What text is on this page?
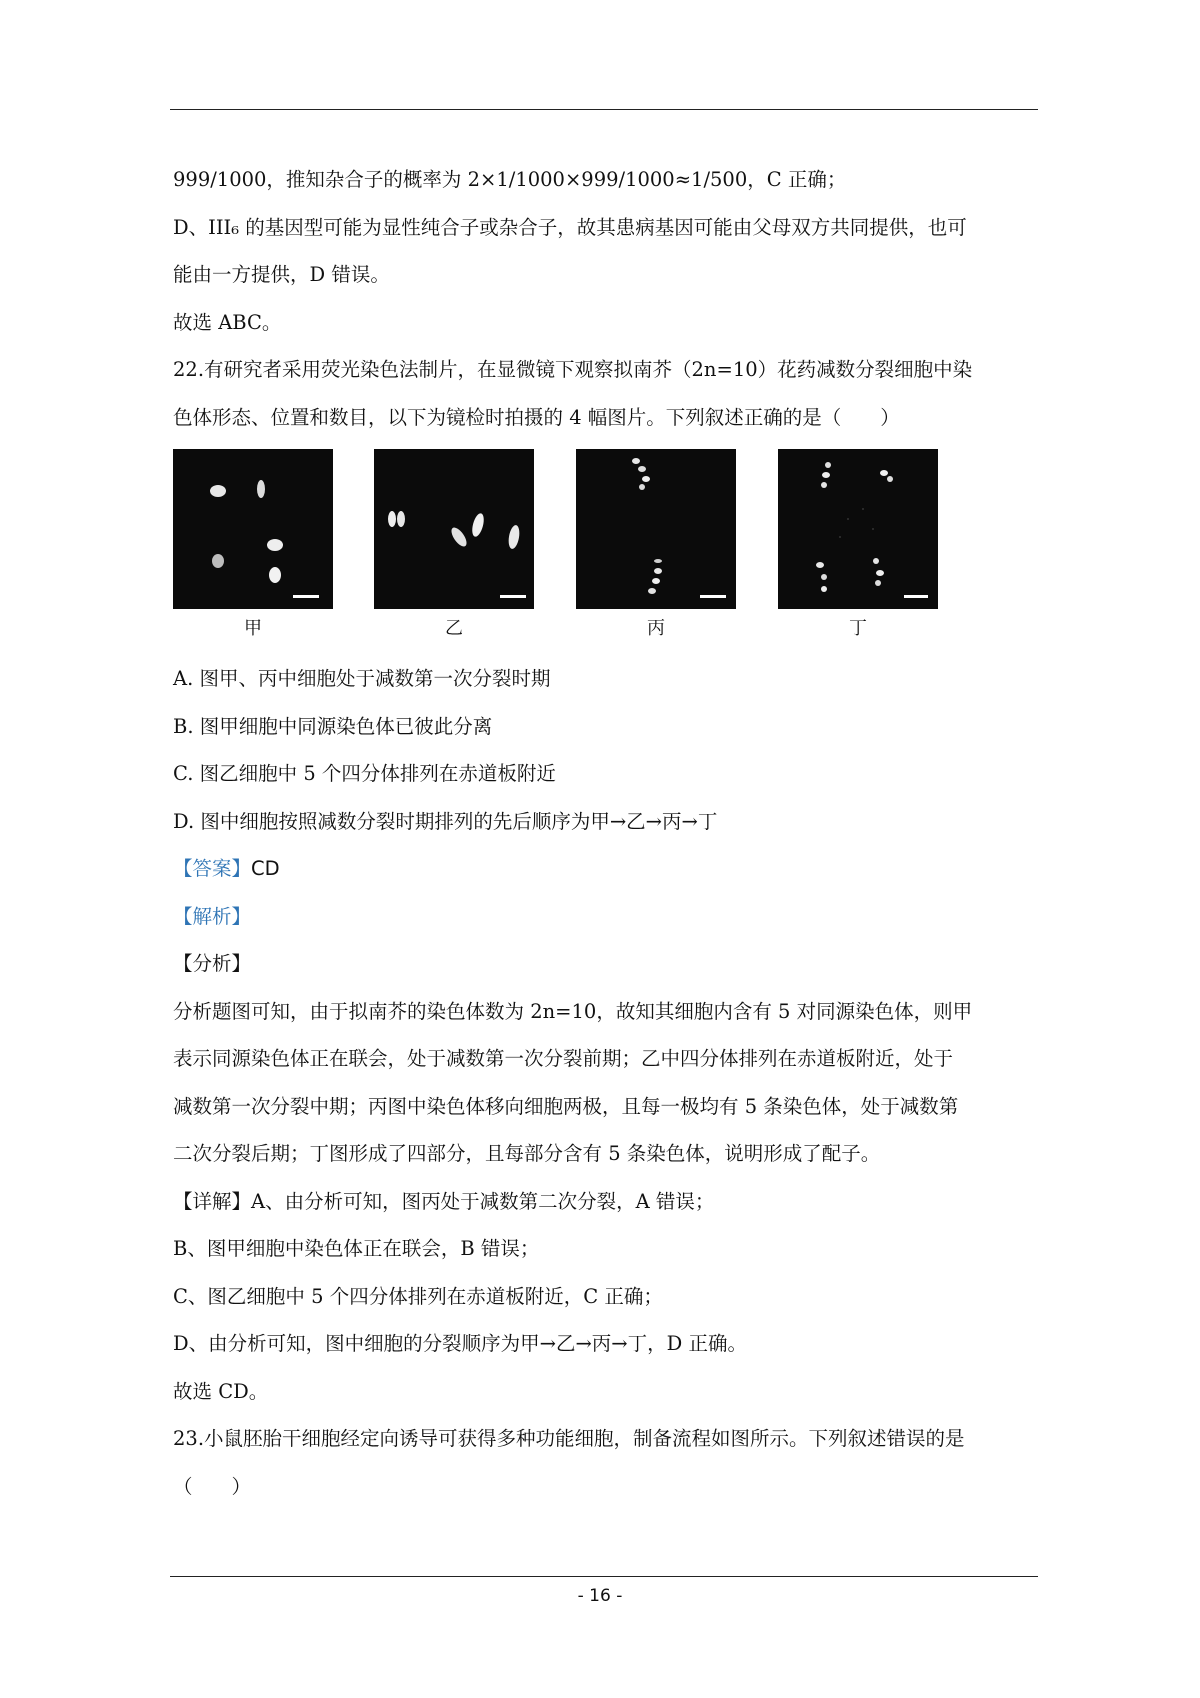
999/1000，推知杂合子的概率为 2×1/1000×999/1000≈1/500，C 正确；
D、III₆ 的基因型可能为显性纯合子或杂合子，故其患病基因可能由父母双方共同提供，也可
能由一方提供，D 错误。
故选 ABC。
22.有研究者采用荧光染色法制片，在显微镜下观察拟南芥（2n=10）花药减数分裂细胞中染
色体形态、位置和数目，以下为镜检时拍摄的 4 幅图片。下列叙述正确的是（　　）
甲	乙	丙	丁
A. 图甲、丙中细胞处于减数第一次分裂时期
B. 图甲细胞中同源染色体已彼此分离
C. 图乙细胞中 5 个四分体排列在赤道板附近
D. 图中细胞按照减数分裂时期排列的先后顺序为甲→乙→丙→丁
【答案】CD
【解析】
【分析】
分析题图可知，由于拟南芥的染色体数为 2n=10，故知其细胞内含有 5 对同源染色体，则甲
表示同源染色体正在联会，处于减数第一次分裂前期；乙中四分体排列在赤道板附近，处于
减数第一次分裂中期；丙图中染色体移向细胞两极，且每一极均有 5 条染色体，处于减数第
二次分裂后期；丁图形成了四部分，且每部分含有 5 条染色体，说明形成了配子。
【详解】A、由分析可知，图丙处于减数第二次分裂，A 错误；
B、图甲细胞中染色体正在联会，B 错误；
C、图乙细胞中 5 个四分体排列在赤道板附近，C 正确；
D、由分析可知，图中细胞的分裂顺序为甲→乙→丙→丁，D 正确。
故选 CD。
23.小鼠胚胎干细胞经定向诱导可获得多种功能细胞，制备流程如图所示。下列叙述错误的是
（　　）
- 16 -
